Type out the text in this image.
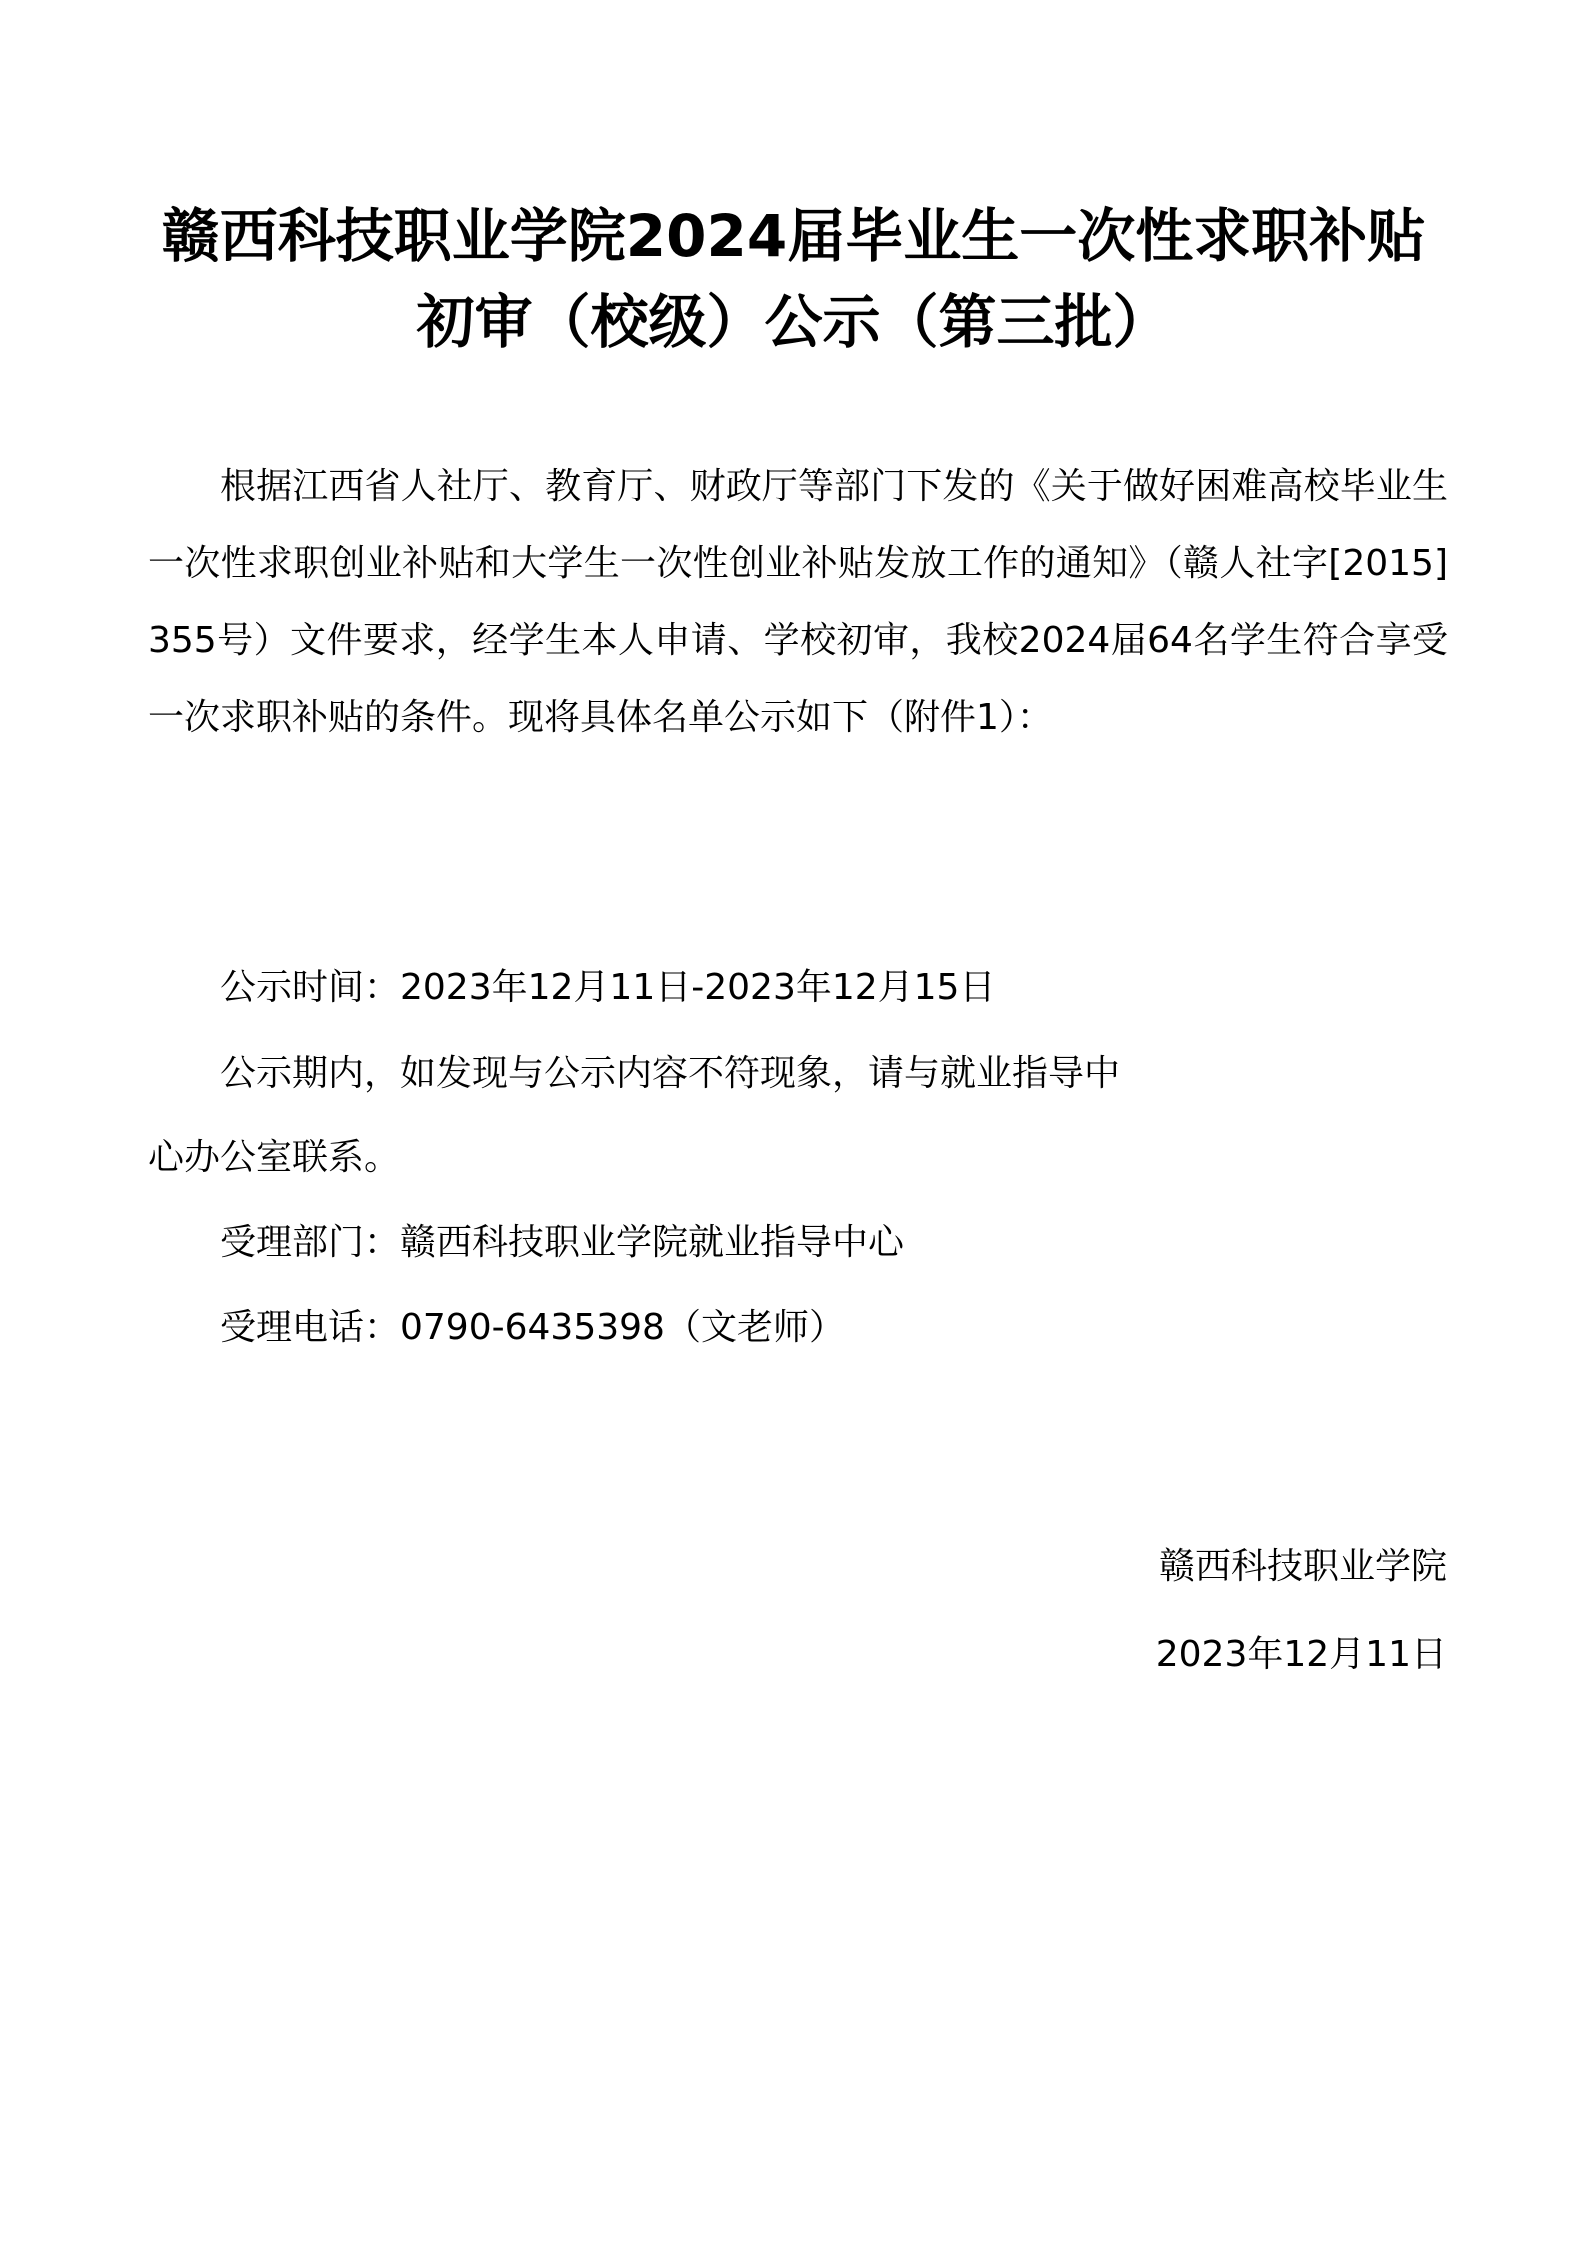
赣西科技职业学院2024届毕业生一次性求职补贴
初审（校级）公示（第三批）
根据江西省人社厅、教育厅、财政厅等部门下发的《关于做好困难高校毕业生一次性求职创业补贴和大学生一次性创业补贴发放工作的通知》（赣人社字[2015]355号）文件要求，经学生本人申请、学校初审，我校2024届64名学生符合享受一次求职补贴的条件。现将具体名单公示如下（附件1）：
公示时间：2023年12月11日-2023年12月15日
公示期内，如发现与公示内容不符现象，请与就业指导中
心办公室联系。
受理部门：赣西科技职业学院就业指导中心
受理电话：0790-6435398（文老师）
赣西科技职业学院
2023年12月11日
